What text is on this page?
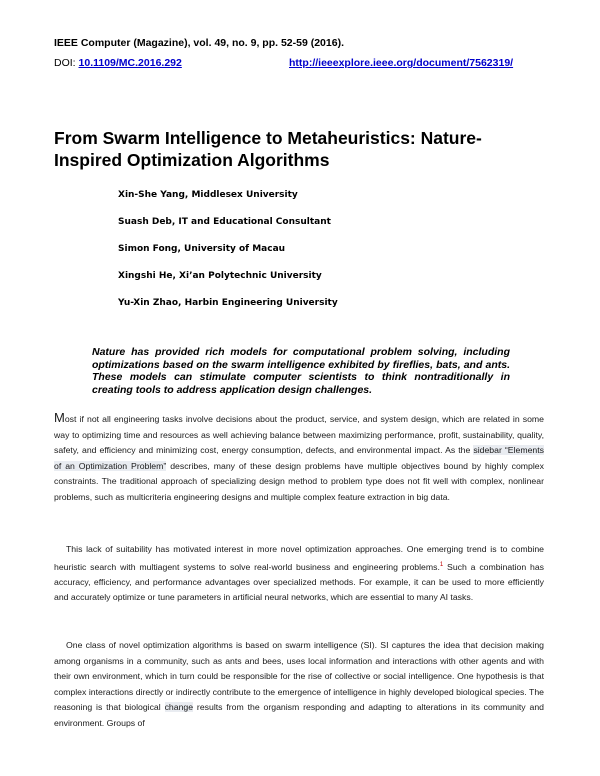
IEEE Computer (Magazine), vol. 49, no. 9, pp. 52-59 (2016).
DOI: 10.1109/MC.2016.292	http://ieeexplore.ieee.org/document/7562319/
From Swarm Intelligence to Metaheuristics: Nature-Inspired Optimization Algorithms
Xin-She Yang, Middlesex University
Suash Deb, IT and Educational Consultant
Simon Fong, University of Macau
Xingshi He, Xi’an Polytechnic University
Yu-Xin Zhao, Harbin Engineering University

Nature has provided rich models for computational problem solving, including optimizations based on the swarm intelligence exhibited by fireflies, bats, and ants. These models can stimulate computer scientists to think nontraditionally in creating tools to address application design challenges.

Most if not all engineering tasks involve decisions about the product, service, and system design, which are related in some way to optimizing time and resources as well achieving balance between maximizing performance, profit, sustainability, quality, safety, and efficiency and minimizing cost, energy consumption, defects, and environmental impact. As the sidebar “Elements of an Optimization Problem” describes, many of these design problems have multiple objectives bound by highly complex constraints. The traditional approach of specializing design method to problem type does not fit well with complex, nonlinear problems, such as multicriteria engineering designs and multiple complex feature extraction in big data.

This lack of suitability has motivated interest in more novel optimization approaches. One emerging trend is to combine heuristic search with multiagent systems to solve real-world business and engineering problems.$^1$ Such a combination has accuracy, efficiency, and performance advantages over specialized methods. For example, it can be used to more efficiently and accurately optimize or tune parameters in artificial neural networks, which are essential to many AI tasks.

One class of novel optimization algorithms is based on swarm intelligence (SI). SI captures the idea that decision making among organisms in a community, such as ants and bees, uses local information and interactions with other agents and with their own environment, which in turn could be responsible for the rise of collective or social intelligence. One hypothesis is that complex interactions directly or indirectly contribute to the emergence of intelligence in highly developed biological species. The reasoning is that biological change results from the organism responding and adapting to alterations in its community and environment. Groups of
